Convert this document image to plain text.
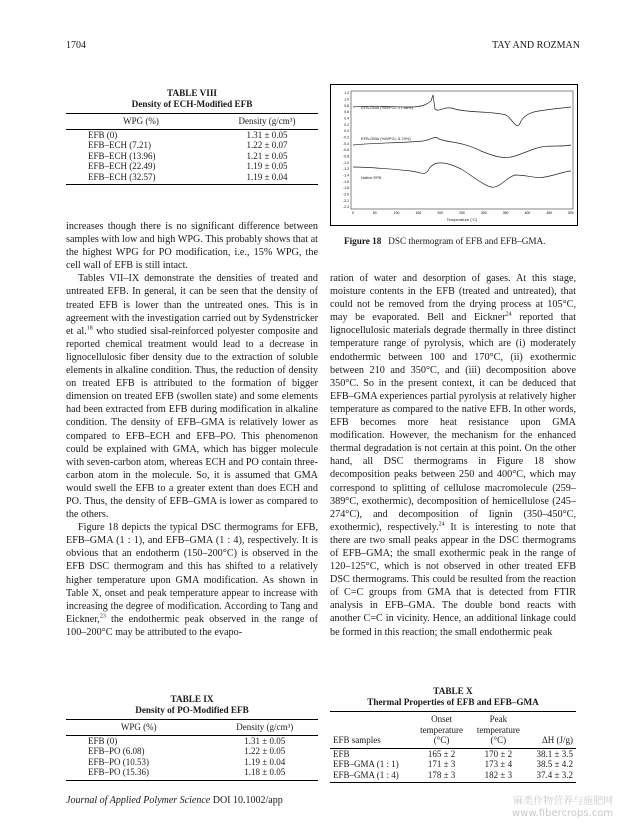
1704	TAY AND ROZMAN
TABLE VIII
Density of ECH-Modified EFB
WPG (%)	Density (g/cm³)
EFB (0)	1.31 ± 0.05
EFB–ECH (7.21)	1.22 ± 0.07
EFB–ECH (13.96)	1.21 ± 0.05
EFB–ECH (22.49)	1.19 ± 0.05
EFB–ECH (32.57)	1.19 ± 0.04
1.2
1.0
0.8
0.6
0.4
0.2
0.0
-0.2
-0.4
-0.6
-0.8
-1.0
-1.2
-1.4
-1.6
-1.8
-2.0
-2.2
-2.4
0	50	100	150	200	250	300	350	400	450	500
EFB-GMA (%WPG= 27.68%)
EFB-GMA (%WPG= 5.70%)
Native EFB
Temperature (°C)
Figure 18 DSC thermogram of EFB and EFB–GMA.

increases though there is no significant difference between samples with low and high WPG. This probably shows that at the highest WPG for PO modification, i.e., 15% WPG, the cell wall of EFB is still intact.

Tables VII–IX demonstrate the densities of treated and untreated EFB. In general, it can be seen that the density of treated EFB is lower than the untreated ones. This is in agreement with the investigation carried out by Sydenstricker et al.$^{18}$ who studied sisal-reinforced polyester composite and reported chemical treatment would lead to a decrease in lignocellulosic fiber density due to the extraction of soluble elements in alkaline condition. Thus, the reduction of density on treated EFB is attributed to the formation of bigger dimension on treated EFB (swollen state) and some elements had been extracted from EFB during modification in alkaline condition. The density of EFB–GMA is relatively lower as compared to EFB–ECH and EFB–PO. This phenomenon could be explained with GMA, which has bigger molecule with seven-carbon atom, whereas ECH and PO contain three-carbon atom in the molecule. So, it is assumed that GMA would swell the EFB to a greater extent than does ECH and PO. Thus, the density of EFB–GMA is lower as compared to the others.

Figure 18 depicts the typical DSC thermograms for EFB, EFB–GMA (1 : 1), and EFB–GMA (1 : 4), respectively. It is obvious that an endotherm (150–200°C) is observed in the EFB DSC thermogram and this has shifted to a relatively higher temperature upon GMA modification. As shown in Table X, onset and peak temperature appear to increase with increasing the degree of modification. According to Tang and Eickner,$^{23}$ the endothermic peak observed in the range of 100–200°C may be attributed to the evapo-

ration of water and desorption of gases. At this stage, moisture contents in the EFB (treated and untreated), that could not be removed from the drying process at 105°C, may be evaporated. Bell and Eickner$^{24}$ reported that lignocellulosic materials degrade thermally in three distinct temperature range of pyrolysis, which are (i) moderately endothermic between 100 and 170°C, (ii) exothermic between 210 and 350°C, and (iii) decomposition above 350°C. So in the present context, it can be deduced that EFB–GMA experiences partial pyrolysis at relatively higher temperature as compared to the native EFB. In other words, EFB becomes more heat resistance upon GMA modification. However, the mechanism for the enhanced thermal degradation is not certain at this point. On the other hand, all DSC thermograms in Figure 18 show decomposition peaks between 250 and 400°C, which may correspond to splitting of cellulose macromolecule (259–389°C, exothermic), decomposition of hemicellulose (245–274°C), and decomposition of lignin (350–450°C, exothermic), respectively.$^{24}$ It is interesting to note that there are two small peaks appear in the DSC thermograms of EFB–GMA; the small exothermic peak in the range of 120–125°C, which is not observed in other treated EFB DSC thermograms. This could be resulted from the reaction of C=C groups from GMA that is detected from FTIR analysis in EFB–GMA. The double bond reacts with another C=C in vicinity. Hence, an additional linkage could be formed in this reaction; the small endothermic peak

TABLE IX
Density of PO-Modified EFB
WPG (%)	Density (g/cm³)
EFB (0)	1.31 ± 0.05
EFB–PO (6.08)	1.22 ± 0.05
EFB–PO (10.53)	1.19 ± 0.04
EFB–PO (15.36)	1.18 ± 0.05
TABLE X
Thermal Properties of EFB and EFB–GMA
EFB samples	Onset
temperature
(°C)	Peak
temperature
(°C)	ΔH (J/g)
EFB	165 ± 2	170 ± 2	38.1 ± 3.5
EFB–GMA (1 : 1)	171 ± 3	173 ± 4	38.5 ± 4.2
EFB–GMA (1 : 4)	178 ± 3	182 ± 3	37.4 ± 3.2
Journal of Applied Polymer Science DOI 10.1002/app	麻类作物营养与施肥网
www.fibercrops.com
